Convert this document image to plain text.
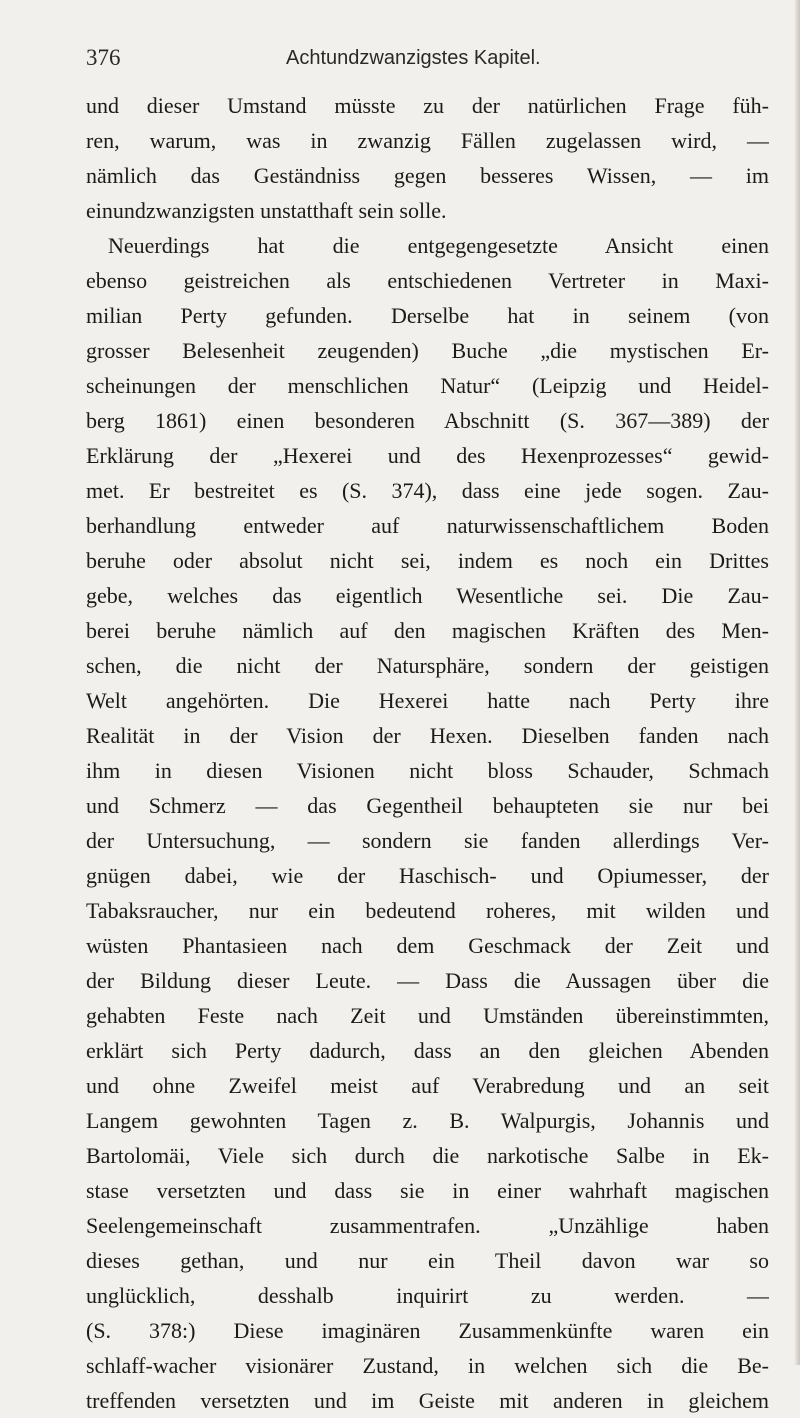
376	Achtundzwanzigstes Kapitel.
und dieser Umstand müsste zu der natürlichen Frage füh-
ren, warum, was in zwanzig Fällen zugelassen wird, —
nämlich das Geständniss gegen besseres Wissen, — im
einundzwanzigsten unstatthaft sein solle.
Neuerdings hat die entgegengesetzte Ansicht einen
ebenso geistreichen als entschiedenen Vertreter in Maxi-
milian Perty gefunden. Derselbe hat in seinem (von
grosser Belesenheit zeugenden) Buche „die mystischen Er-
scheinungen der menschlichen Natur“ (Leipzig und Heidel-
berg 1861) einen besonderen Abschnitt (S. 367—389) der
Erklärung der „Hexerei und des Hexenprozesses“ gewid-
met. Er bestreitet es (S. 374), dass eine jede sogen. Zau-
berhandlung entweder auf naturwissenschaftlichem Boden
beruhe oder absolut nicht sei, indem es noch ein Drittes
gebe, welches das eigentlich Wesentliche sei. Die Zau-
berei beruhe nämlich auf den magischen Kräften des Men-
schen, die nicht der Natursphäre, sondern der geistigen
Welt angehörten. Die Hexerei hatte nach Perty ihre
Realität in der Vision der Hexen. Dieselben fanden nach
ihm in diesen Visionen nicht bloss Schauder, Schmach
und Schmerz — das Gegentheil behaupteten sie nur bei
der Untersuchung, — sondern sie fanden allerdings Ver-
gnügen dabei, wie der Haschisch- und Opiumesser, der
Tabaksraucher, nur ein bedeutend roheres, mit wilden und
wüsten Phantasieen nach dem Geschmack der Zeit und
der Bildung dieser Leute. — Dass die Aussagen über die
gehabten Feste nach Zeit und Umständen übereinstimmten,
erklärt sich Perty dadurch, dass an den gleichen Abenden
und ohne Zweifel meist auf Verabredung und an seit
Langem gewohnten Tagen z. B. Walpurgis, Johannis und
Bartolomäi, Viele sich durch die narkotische Salbe in Ek-
stase versetzten und dass sie in einer wahrhaft magischen
Seelengemeinschaft zusammentrafen. „Unzählige haben
dieses gethan, und nur ein Theil davon war so
unglücklich, desshalb inquirirt zu werden. —
(S. 378:) Diese imaginären Zusammenkünfte waren ein
schlaff-wacher visionärer Zustand, in welchen sich die Be-
treffenden versetzten und im Geiste mit anderen in gleichem
